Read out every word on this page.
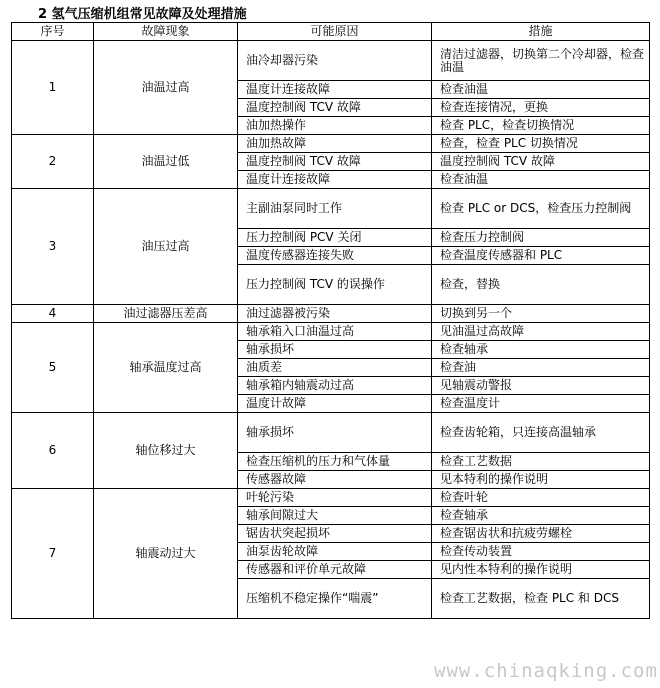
2 氢气压缩机组常见故障及处理措施
序号	故障现象	可能原因	措施
1	油温过高	油冷却器污染	清洁过滤器，切换第二个冷却器，检查油温
		温度计连接故障	检查油温
		温度控制阀 TCV 故障	检查连接情况，更换
		油加热操作	检查 PLC，检查切换情况
2	油温过低	油加热故障	检查，检查 PLC 切换情况
		温度控制阀 TCV 故障	温度控制阀 TCV 故障
		温度计连接故障	检查油温
3	油压过高	主副油泵同时工作	检查 PLC or DCS，检查压力控制阀
		压力控制阀 PCV 关闭	检查压力控制阀
		温度传感器连接失败	检查温度传感器和 PLC
		压力控制阀 TCV 的误操作	检查，替换
4	油过滤器压差高	油过滤器被污染	切换到另一个
5	轴承温度过高	轴承箱入口油温过高	见油温过高故障
		轴承损坏	检查轴承
		油质差	检查油
		轴承箱内轴震动过高	见轴震动警报
		温度计故障	检查温度计
6	轴位移过大	轴承损坏	检查齿轮箱，只连接高温轴承
		检查压缩机的压力和气体量	检查工艺数据
		传感器故障	见本特利的操作说明
7	轴震动过大	叶轮污染	检查叶轮
		轴承间隙过大	检查轴承
		锯齿状突起损坏	检查锯齿状和抗疲劳螺栓
		油泵齿轮故障	检查传动装置
		传感器和评价单元故障	见内性本特利的操作说明
		压缩机不稳定操作“喘震”	检查工艺数据，检查 PLC 和 DCS
www.chinaqking.com
